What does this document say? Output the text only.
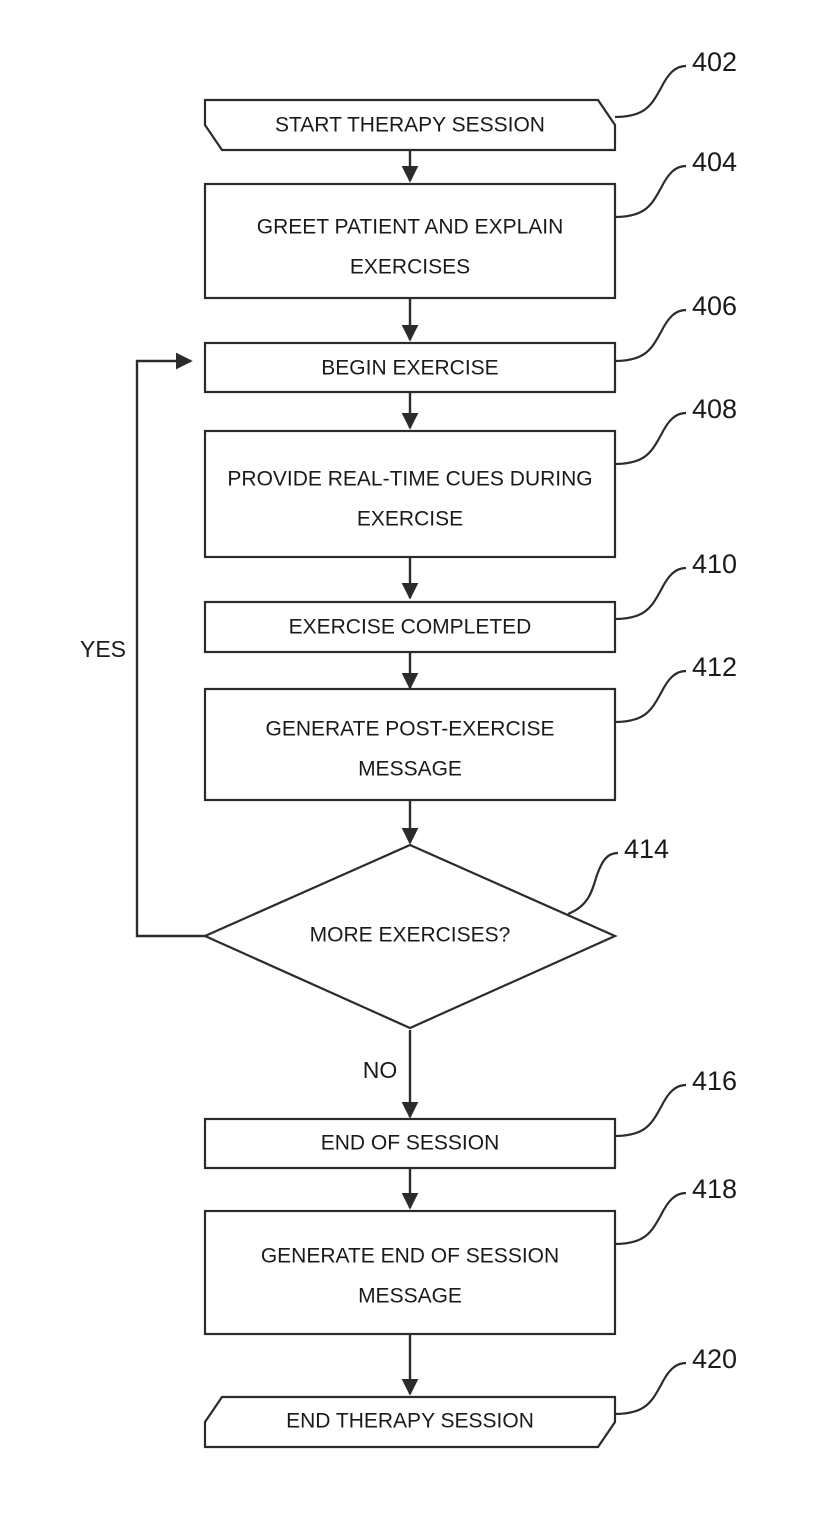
START THERAPY SESSION
GREET PATIENT AND EXPLAIN
EXERCISES
BEGIN EXERCISE
PROVIDE REAL-TIME CUES DURING
EXERCISE
EXERCISE COMPLETED
GENERATE POST-EXERCISE
MESSAGE
MORE EXERCISES?
END OF SESSION
GENERATE END OF SESSION
MESSAGE
END THERAPY SESSION
YES
NO
402
404
406
408
410
412
414
416
418
420
